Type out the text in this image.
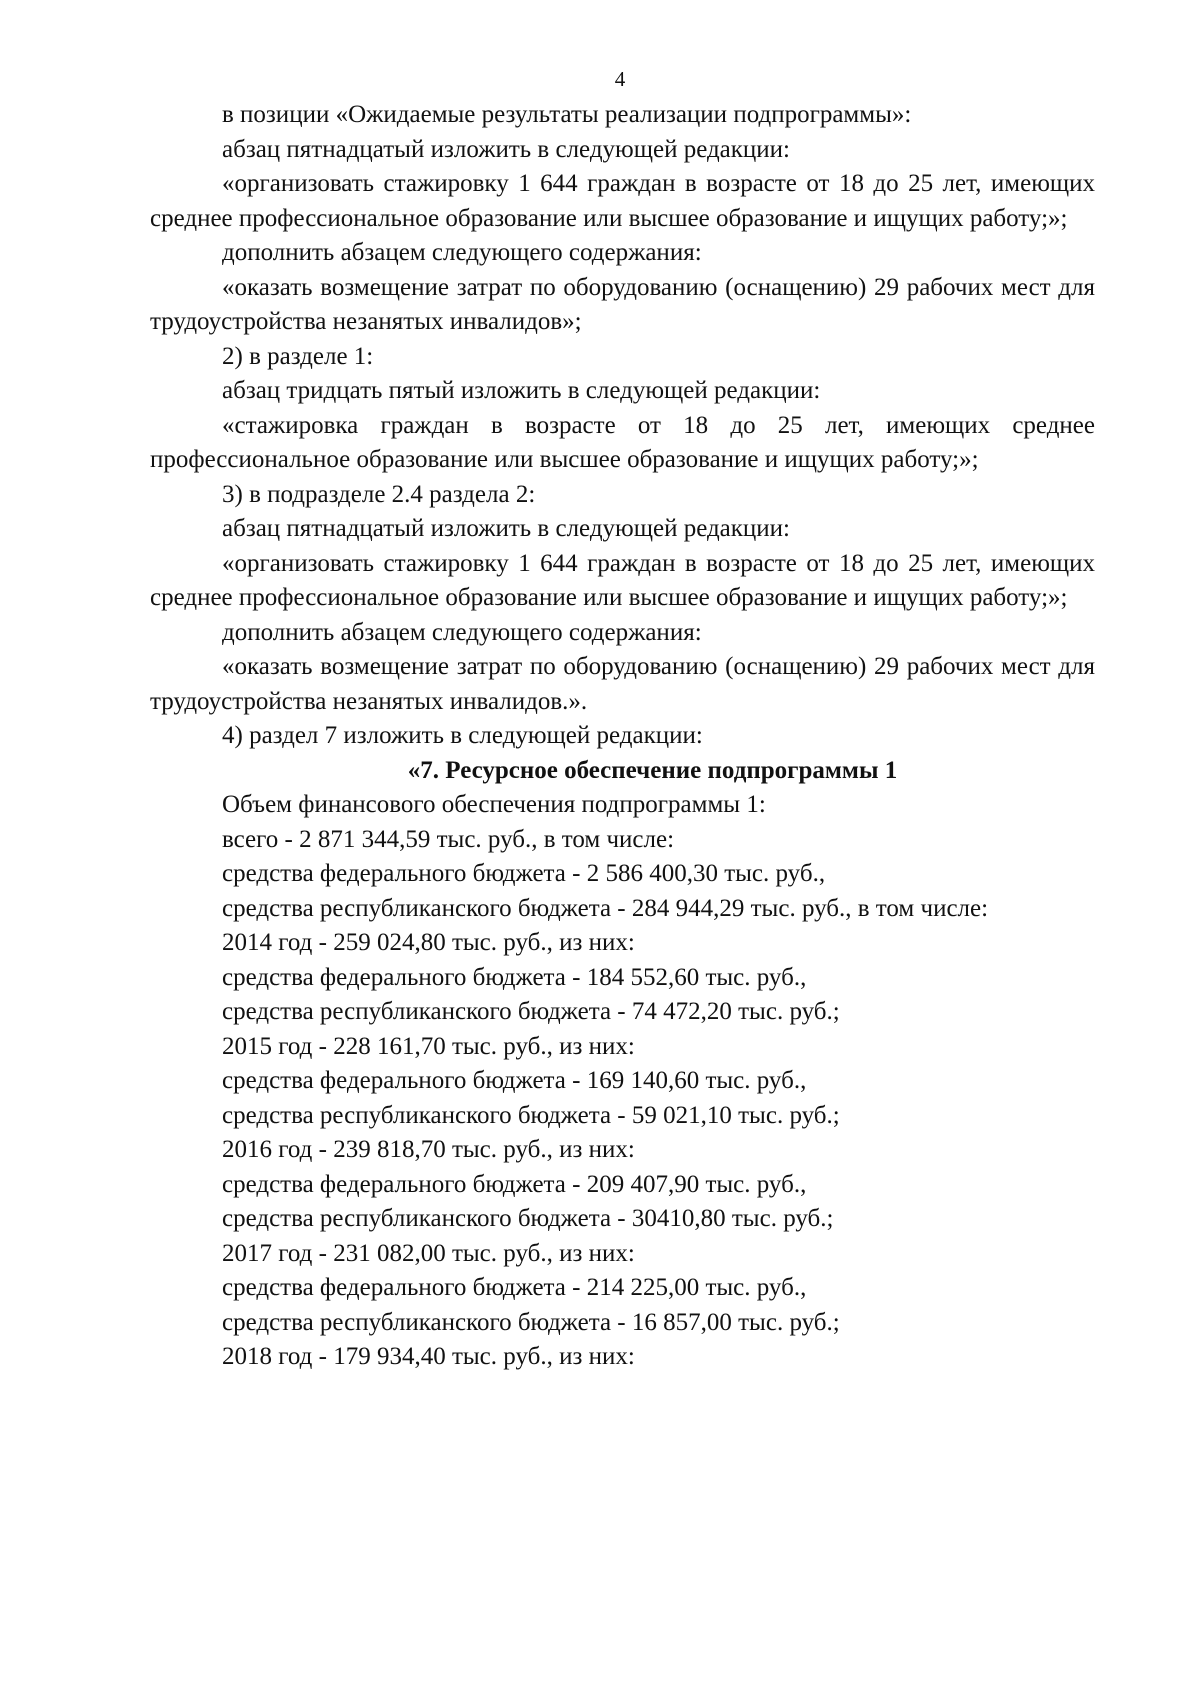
4

в позиции «Ожидаемые результаты реализации подпрограммы»:

абзац пятнадцатый изложить в следующей редакции:

«организовать стажировку 1 644 граждан в возрасте от 18 до 25 лет, имеющих среднее профессиональное образование или высшее образование и ищущих работу;»;

дополнить абзацем следующего содержания:

«оказать возмещение затрат по оборудованию (оснащению) 29 рабочих мест для трудоустройства незанятых инвалидов»;

2) в разделе 1:

абзац тридцать пятый изложить в следующей редакции:

«стажировка граждан в возрасте от 18 до 25 лет, имеющих среднее профессиональное образование или высшее образование и ищущих работу;»;

3) в подразделе 2.4 раздела 2:

абзац пятнадцатый изложить в следующей редакции:

«организовать стажировку 1 644 граждан в возрасте от 18 до 25 лет, имеющих среднее профессиональное образование или высшее образование и ищущих работу;»;

дополнить абзацем следующего содержания:

«оказать возмещение затрат по оборудованию (оснащению) 29 рабочих мест для трудоустройства незанятых инвалидов.».

4) раздел 7 изложить в следующей редакции:

«7. Ресурсное обеспечение подпрограммы 1

Объем финансового обеспечения подпрограммы 1:

всего - 2 871 344,59 тыс. руб., в том числе:

средства федерального бюджета - 2 586 400,30 тыс. руб.,

средства республиканского бюджета - 284 944,29 тыс. руб., в том числе:

2014 год - 259 024,80 тыс. руб., из них:

средства федерального бюджета - 184 552,60 тыс. руб.,

средства республиканского бюджета - 74 472,20 тыс. руб.;

2015 год - 228 161,70 тыс. руб., из них:

средства федерального бюджета - 169 140,60 тыс. руб.,

средства республиканского бюджета - 59 021,10 тыс. руб.;

2016 год - 239 818,70 тыс. руб., из них:

средства федерального бюджета - 209 407,90 тыс. руб.,

средства республиканского бюджета - 30410,80 тыс. руб.;

2017 год - 231 082,00 тыс. руб., из них:

средства федерального бюджета - 214 225,00 тыс. руб.,

средства республиканского бюджета - 16 857,00 тыс. руб.;

2018 год - 179 934,40 тыс. руб., из них:
